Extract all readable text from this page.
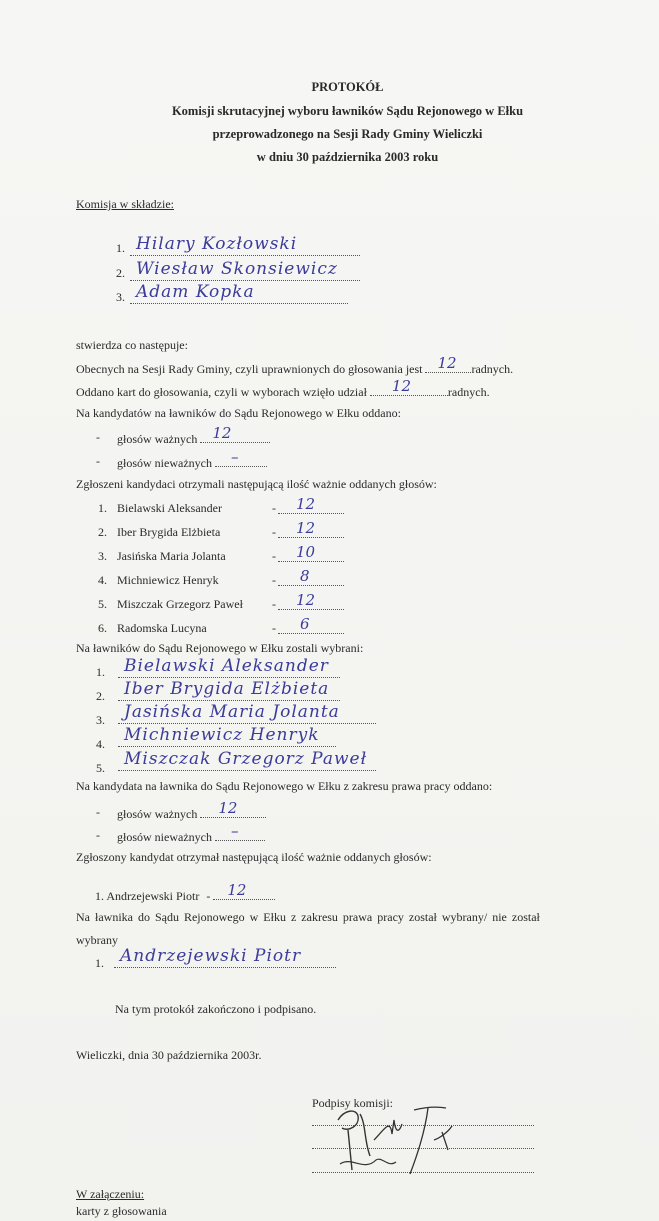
PROTOKÓŁ
Komisji skrutacyjnej wyboru ławników Sądu Rejonowego w Ełku
przeprowadzonego na Sesji Rady Gminy Wieliczki
w dniu 30 października 2003 roku
Komisja w składzie:
1. Hilary Kozłowski
2. Wiesław Skonsiewicz
3. Adam Kopka
stwierdza co następuje:
Obecnych na Sesji Rady Gminy, czyli uprawnionych do głosowania jest 12 radnych.
Oddano kart do głosowania, czyli w wyborach wzięło udział 12	radnych.
Na kandydatów na ławników do Sądu Rejonowego w Ełku oddano:
- głosów ważnych 12
- głosów nieważnych –
Zgłoszeni kandydaci otrzymali następującą ilość ważnie oddanych głosów:
1. Bielawski Aleksander	- 12
2. Iber Brygida Elżbieta	- 12
3. Jasińska Maria Jolanta	- 10
4. Michniewicz Henryk	- 8
5. Miszczak Grzegorz Paweł - 12
6. Radomska Lucyna	- 6
Na ławników do Sądu Rejonowego w Ełku zostali wybrani:
1. Bielawski Aleksander
2. Iber Brygida Elżbieta
3. Jasińska Maria Jolanta
4. Michniewicz Henryk
5. Miszczak Grzegorz Paweł
Na kandydata na ławnika do Sądu Rejonowego w Ełku z zakresu prawa pracy oddano:
- głosów ważnych 12
- głosów nieważnych –
Zgłoszony kandydat otrzymał następującą ilość ważnie oddanych głosów:
1. Andrzejewski Piotr - 12
Na ławnika do Sądu Rejonowego w Ełku z zakresu prawa pracy został wybrany/ nie został
wybrany
1. Andrzejewski Piotr
Na tym protokół zakończono i podpisano.
Wieliczki, dnia 30 października 2003r.
Podpisy komisji:
W załączeniu:
karty z głosowania
